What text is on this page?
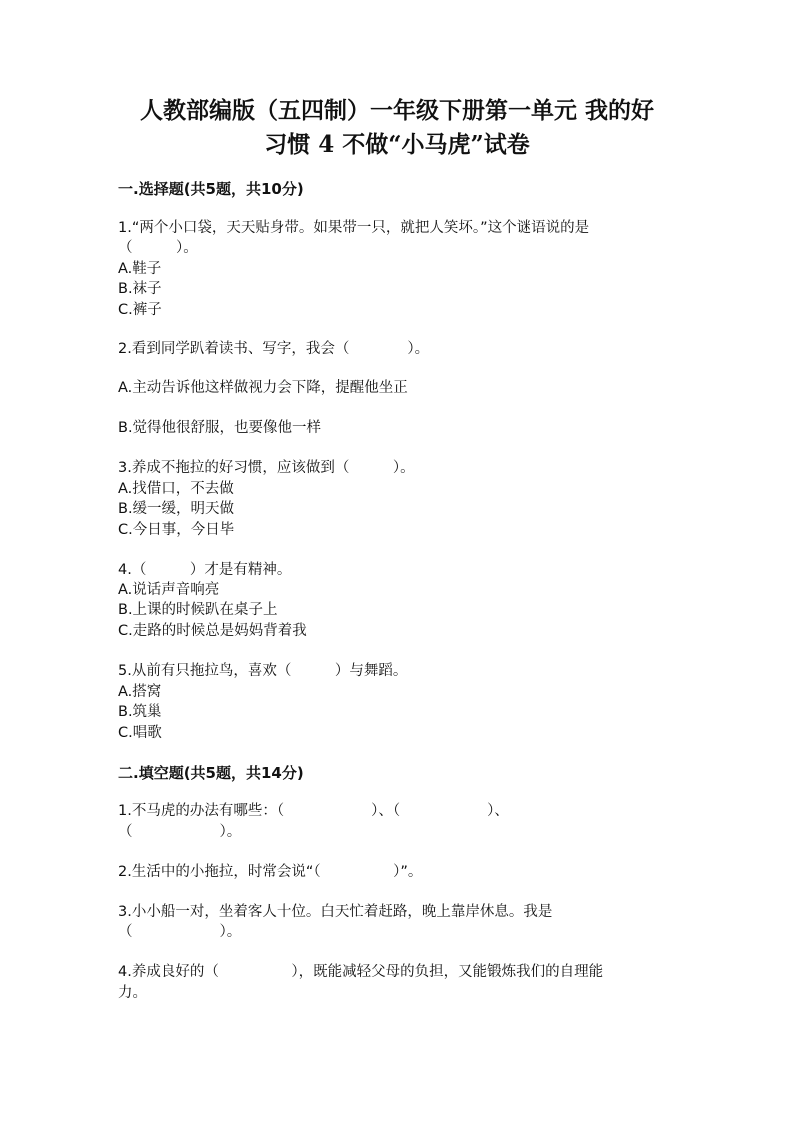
人教部编版（五四制）一年级下册第一单元 我的好
习惯 4 不做“小马虎”试卷
一.选择题(共5题，共10分)
1.“两个小口袋，天天贴身带。如果带一只，就把人笑坏。”这个谜语说的是
（　　　）。
A.鞋子
B.袜子
C.裤子
2.看到同学趴着读书、写字，我会（　　　　）。
A.主动告诉他这样做视力会下降，提醒他坐正
B.觉得他很舒服，也要像他一样
3.养成不拖拉的好习惯，应该做到（　　　）。
A.找借口，不去做
B.缓一缓，明天做
C.今日事，今日毕
4.（　　　）才是有精神。
A.说话声音响亮
B.上课的时候趴在桌子上
C.走路的时候总是妈妈背着我
5.从前有只拖拉鸟，喜欢（　　　）与舞蹈。
A.搭窝
B.筑巢
C.唱歌
二.填空题(共5题，共14分)
1.不马虎的办法有哪些：（　　　　　　）、（　　　　　　）、
（　　　　　　）。
2.生活中的小拖拉，时常会说“（　　　　　）”。
3.小小船一对，坐着客人十位。白天忙着赶路，晚上靠岸休息。我是
（　　　　　　）。
4.养成良好的（　　　　　），既能减轻父母的负担，又能锻炼我们的自理能
力。
